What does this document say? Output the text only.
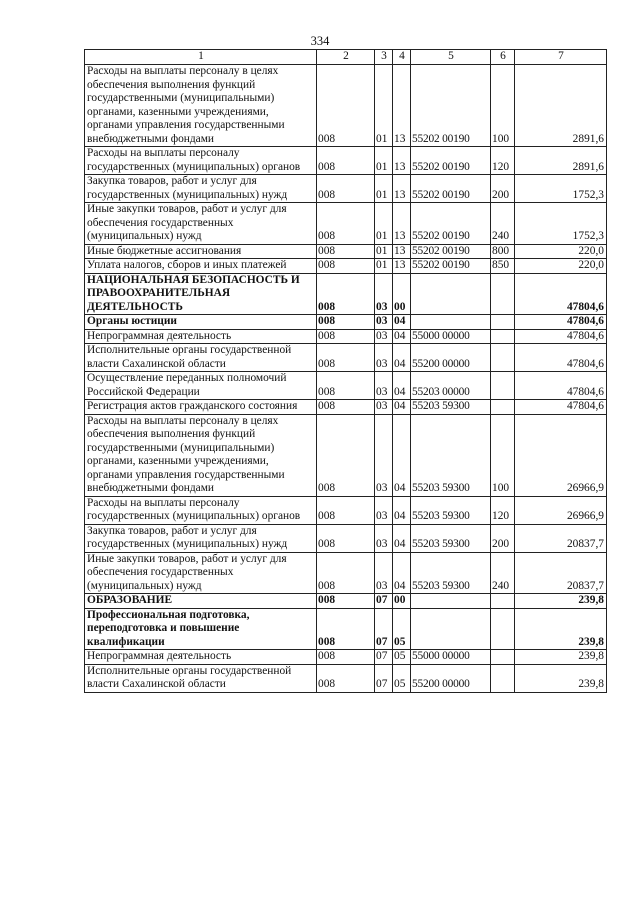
334
1	2	3	4	5	6	7
Расходы на выплаты персоналу в целях обеспечения выполнения функций государственными (муниципальными) органами, казенными учреждениями, органами управления государственными внебюджетными фондами	008	01	13	55202 00190	100	2891,6
Расходы на выплаты персоналу государственных (муниципальных) органов	008	01	13	55202 00190	120	2891,6
Закупка товаров, работ и услуг для государственных (муниципальных) нужд	008	01	13	55202 00190	200	1752,3
Иные закупки товаров, работ и услуг для обеспечения государственных (муниципальных) нужд	008	01	13	55202 00190	240	1752,3
Иные бюджетные ассигнования	008	01	13	55202 00190	800	220,0
Уплата налогов, сборов и иных платежей	008	01	13	55202 00190	850	220,0
НАЦИОНАЛЬНАЯ БЕЗОПАСНОСТЬ И ПРАВООХРАНИТЕЛЬНАЯ ДЕЯТЕЛЬНОСТЬ	008	03	00			47804,6
Органы юстиции	008	03	04			47804,6
Непрограммная деятельность	008	03	04	55000 00000		47804,6
Исполнительные органы государственной власти Сахалинской области	008	03	04	55200 00000		47804,6
Осуществление переданных полномочий Российской Федерации	008	03	04	55203 00000		47804,6
Регистрация актов гражданского состояния	008	03	04	55203 59300		47804,6
Расходы на выплаты персоналу в целях обеспечения выполнения функций государственными (муниципальными) органами, казенными учреждениями, органами управления государственными внебюджетными фондами	008	03	04	55203 59300	100	26966,9
Расходы на выплаты персоналу государственных (муниципальных) органов	008	03	04	55203 59300	120	26966,9
Закупка товаров, работ и услуг для государственных (муниципальных) нужд	008	03	04	55203 59300	200	20837,7
Иные закупки товаров, работ и услуг для обеспечения государственных (муниципальных) нужд	008	03	04	55203 59300	240	20837,7
ОБРАЗОВАНИЕ	008	07	00			239,8
Профессиональная подготовка, переподготовка и повышение квалификации	008	07	05			239,8
Непрограммная деятельность	008	07	05	55000 00000		239,8
Исполнительные органы государственной власти Сахалинской области	008	07	05	55200 00000		239,8
